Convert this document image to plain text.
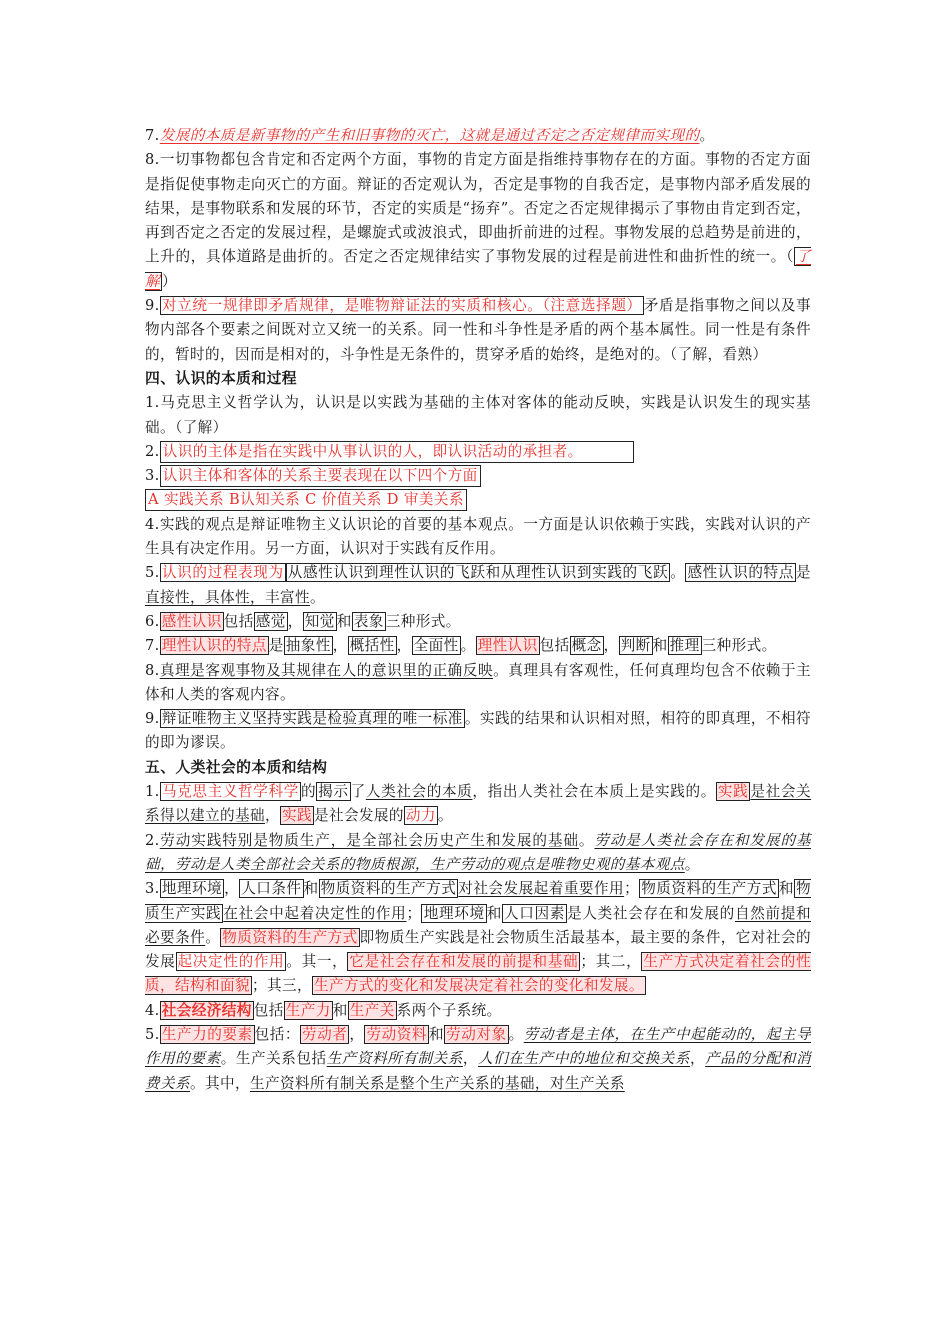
7.发展的本质是新事物的产生和旧事物的灭亡，这就是通过否定之否定规律而实现的。

8.一切事物都包含肯定和否定两个方面，事物的肯定方面是指维持事物存在的方面。事物的否定方面是指促使事物走向灭亡的方面。辩证的否定观认为，否定是事物的自我否定，是事物内部矛盾发展的结果，是事物联系和发展的环节，否定的实质是“扬弃”。否定之否定规律揭示了事物由肯定到否定，再到否定之否定的发展过程，是螺旋式或波浪式，即曲折前进的过程。事物发展的总趋势是前进的，上升的，具体道路是曲折的。否定之否定规律结实了事物发展的过程是前进性和曲折性的统一。（ 了解 ）

9. 对立统一规律即矛盾规律，是唯物辩证法的实质和核心。（注意选择题） 矛盾是指事物之间以及事物内部各个要素之间既对立又统一的关系。同一性和斗争性是矛盾的两个基本属性。同一性是有条件的，暂时的，因而是相对的，斗争性是无条件的，贯穿矛盾的始终，是绝对的。（了解，看熟）

四、认识的本质和过程

1.马克思主义哲学认为，认识是以实践为基础的主体对客体的能动反映，实践是认识发生的现实基础。（了解）

2. 认识的主体是指在实践中从事认识的人，即认识活动的承担者。

3. 认识主体和客体的关系主要表现在以下四个方面

A 实践关系 B认知关系 C 价值关系 D 审美关系

4.实践的观点是辩证唯物主义认识论的首要的基本观点。一方面是认识依赖于实践，实践对认识的产生具有决定作用。另一方面，认识对于实践有反作用。

5. 认识的过程表现为 从感性认识到理性认识的飞跃和从理性认识到实践的飞跃 。 感性认识的特点 是直接性，具体性，丰富性。

6. 感性认识 包括 感觉 ， 知觉 和 表象 三种形式。

7. 理性认识的特点 是 抽象性 ， 概括性 ， 全面性 。 理性认识 包括 概念 ， 判断 和 推理 三种形式。

8.真理是客观事物及其规律在人的意识里的正确反映。真理具有客观性，任何真理均包含不依赖于主体和人类的客观内容。

9. 辩证唯物主义坚持实践是检验真理的唯一标准 。实践的结果和认识相对照，相符的即真理，不相符的即为谬误。

五、人类社会的本质和结构

1. 马克思主义哲学科学 的 揭示 了人类社会的本质，指出人类社会在本质上是实践的。 实践 是社会关系得以建立的基础， 实践 是社会发展的 动力 。

2.劳动实践特别是物质生产，是全部社会历史产生和发展的基础。劳动是人类社会存在和发展的基础，劳动是人类全部社会关系的物质根源，生产劳动的观点是唯物史观的基本观点。

3. 地理环境 ， 人口条件 和 物质资料的生产方式 对社会发展起着重要作用； 物质资料的生产方式 和 物质生产实践 在社会中起着决定性的作用； 地理环境 和 人口因素 是人类社会存在和发展的自然前提和必要条件。 物质资料的生产方式 即物质生产实践是社会物质生活最基本，最主要的条件，它对社会的发展 起决定性的作用 。其一， 它是社会存在和发展的前提和基础 ；其二， 生产方式决定着社会的性质，结构和面貌 ；其三， 生产方式的变化和发展决定着社会的变化和发展。

4. 社会经济结构 包括 生产力 和 生产关 系两个子系统。

5. 生产力的要素 包括： 劳动者 ， 劳动资料 和 劳动对象 。劳动者是主体，在生产中起能动的，起主导作用的要素。生产关系包括生产资料所有制关系，人们在生产中的地位和交换关系，产品的分配和消费关系。其中，生产资料所有制关系是整个生产关系的基础，对生产关系
